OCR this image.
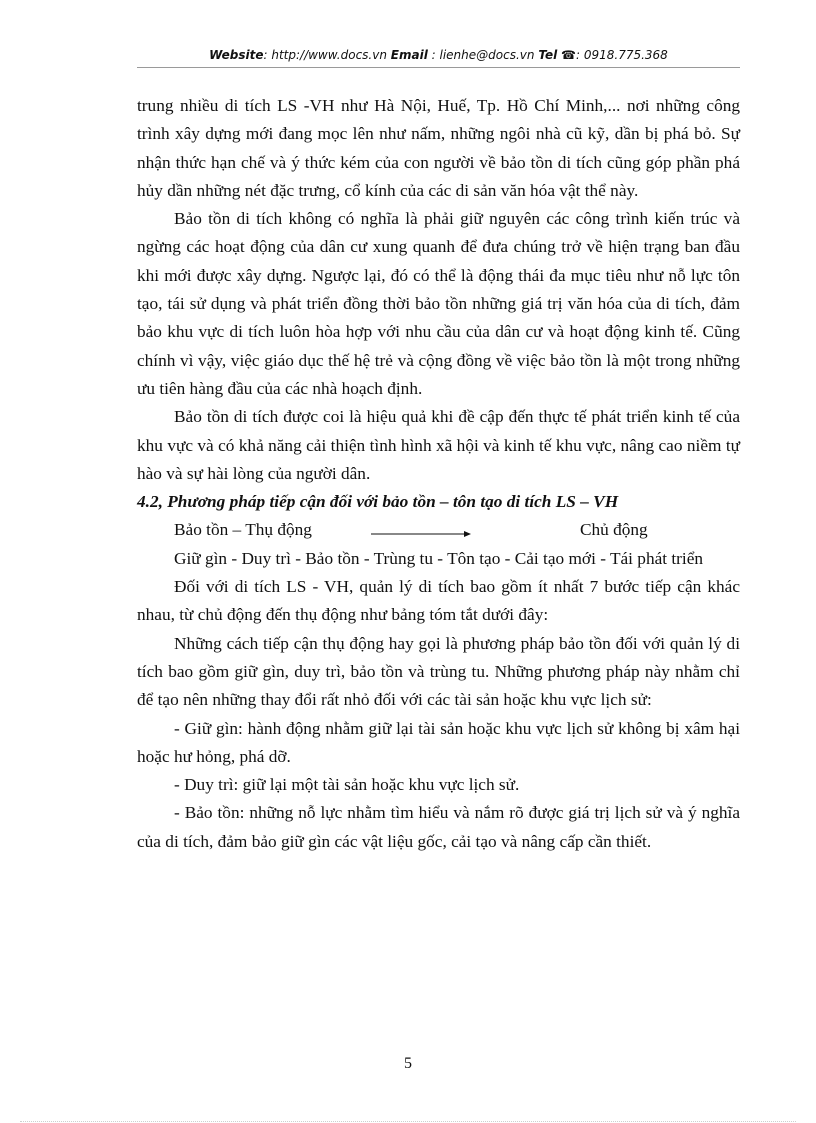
Website: http://www.docs.vn Email : lienhe@docs.vn Tel ☎: 0918.775.368

trung nhiều di tích LS -VH như Hà Nội, Huế, Tp. Hồ Chí Minh,... nơi những công trình xây dựng mới đang mọc lên như nấm, những ngôi nhà cũ kỹ, dần bị phá bỏ. Sự nhận thức hạn chế và ý thức kém của con người về bảo tồn di tích cũng góp phần phá hủy dần những nét đặc trưng, cổ kính của các di sản văn hóa vật thể này.

Bảo tồn di tích không có nghĩa là phải giữ nguyên các công trình kiến trúc và ngừng các hoạt động của dân cư xung quanh để đưa chúng trở về hiện trạng ban đầu khi mới được xây dựng. Ngược lại, đó có thể là động thái đa mục tiêu như nỗ lực tôn tạo, tái sử dụng và phát triển đồng thời bảo tồn những giá trị văn hóa của di tích, đảm bảo khu vực di tích luôn hòa hợp với nhu cầu của dân cư và hoạt động kinh tế. Cũng chính vì vậy, việc giáo dục thế hệ trẻ và cộng đồng về việc bảo tồn là một trong những ưu tiên hàng đầu của các nhà hoạch định.

Bảo tồn di tích được coi là hiệu quả khi đề cập đến thực tế phát triển kinh tế của khu vực và có khả năng cải thiện tình hình xã hội và kinh tế khu vực, nâng cao niềm tự hào và sự hài lòng của người dân.

4.2, Phương pháp tiếp cận đối với bảo tồn – tôn tạo di tích LS – VH

Bảo tồn – Thụ động	Chủ động

Giữ gìn - Duy trì - Bảo tồn - Trùng tu - Tôn tạo - Cải tạo mới - Tái phát triển

Đối với di tích LS - VH, quản lý di tích bao gồm ít nhất 7 bước tiếp cận khác nhau, từ chủ động đến thụ động như bảng tóm tắt dưới đây:

Những cách tiếp cận thụ động hay gọi là phương pháp bảo tồn đối với quản lý di tích bao gồm giữ gìn, duy trì, bảo tồn và trùng tu. Những phương pháp này nhằm chỉ để tạo nên những thay đổi rất nhỏ đối với các tài sản hoặc khu vực lịch sử:

- Giữ gìn: hành động nhằm giữ lại tài sản hoặc khu vực lịch sử không bị xâm hại hoặc hư hỏng, phá dỡ.

- Duy trì: giữ lại một tài sản hoặc khu vực lịch sử.

- Bảo tồn: những nỗ lực nhằm tìm hiểu và nắm rõ được giá trị lịch sử và ý nghĩa của di tích, đảm bảo giữ gìn các vật liệu gốc, cải tạo và nâng cấp cần thiết.

5
